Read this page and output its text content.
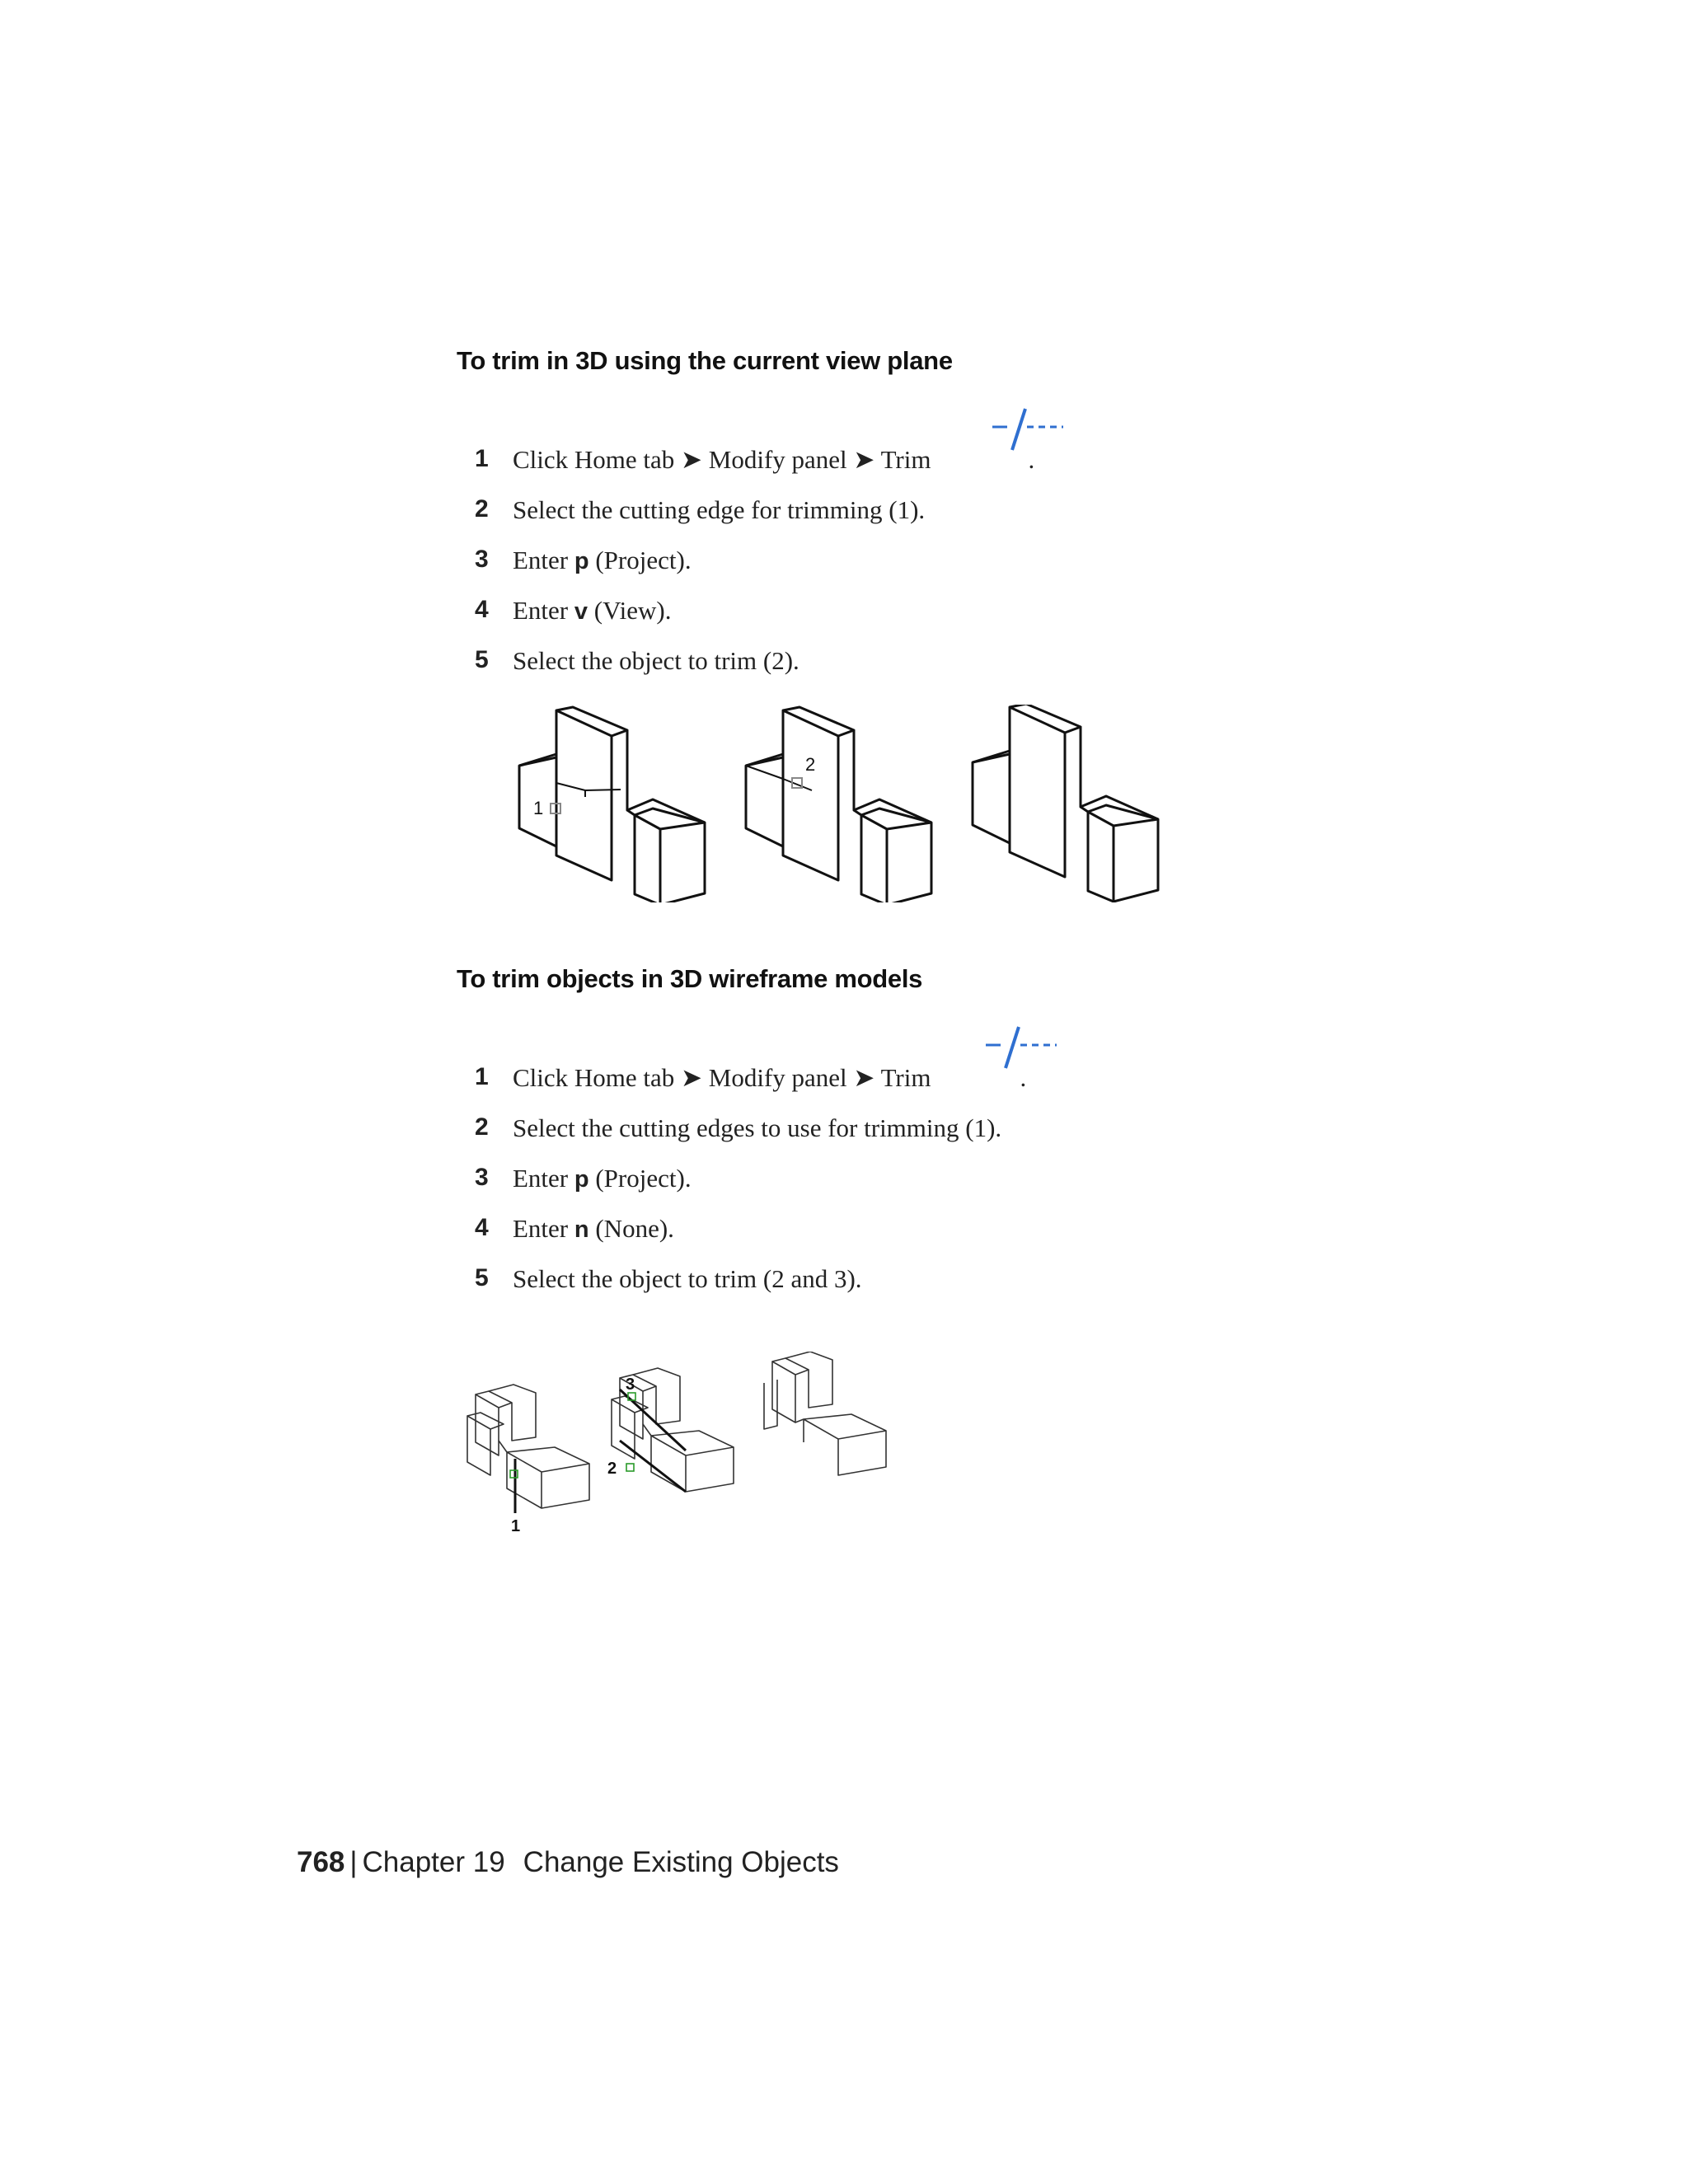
To trim in 3D using the current view plane
1 Click Home tab ➤ Modify panel ➤ Trim	.
2 Select the cutting edge for trimming (1).
3 Enter p (Project).
4 Enter v (View).
5 Select the object to trim (2).
1
2
To trim objects in 3D wireframe models
1 Click Home tab ➤ Modify panel ➤ Trim	.
2 Select the cutting edges to use for trimming (1).
3 Enter p (Project).
4 Enter n (None).
5 Select the object to trim (2 and 3).
1
2
3
768 | Chapter 19 Change Existing Objects
